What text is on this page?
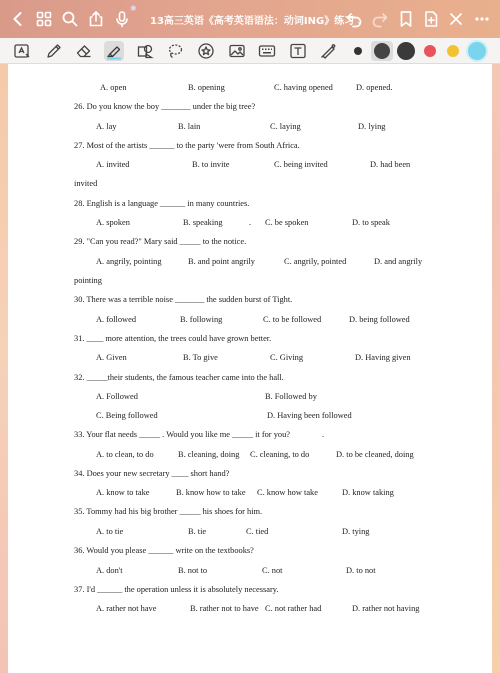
✱
13高三英语《高考英语语法：动词ING》练习 ⌄
A. open	B. opening	C. having opened	D. opened.
26. Do you know the boy _______ under the big tree?
A. lay	B. lain	C. laying	D. lying
27. Most of the artists ______ to the party 'were from South Africa.
A. invited	B. to invite	C. being invited	D. had been
invited
28. English is a language ______ in many countries.
A. spoken	B. speaking	. C. be spoken	D. to speak
29. "Can you read?" Mary said _____ to the notice.
A. angrily, pointing	B. and point angrily	C. angrily, pointed	D. and angrily
pointing
30. There was a terrible noise _______ the sudden burst of Tight.
A. followed	B. following	C. to be followed	D. being followed
31. ____ more attention, the trees could have grown better.
A. Given	B. To give	C. Giving	D. Having given
32. _____their students, the famous teacher came into the hall.
A. Followed	B. Followed by
C. Being followed	D. Having been followed
33. Your flat needs _____ . Would you like me _____ it for you?	.
A. to clean, to do	B. cleaning, doing C. cleaning, to do	D. to be cleaned, doing
34. Does your new secretary ____ short hand?
A. know to take	B. know how to take C. know how take	D. know taking
35. Tommy had his big brother _____ his shoes for him.
A. to tie	B. tie	C. tied	D. tying
36. Would you please ______ write on the textbooks?
A. don't	B. not to	C. not	D. to not
37. I'd ______ the operation unless it is absolutely necessary.
A. rather not have	B. rather not to have C. not rather had	D. rather not having
